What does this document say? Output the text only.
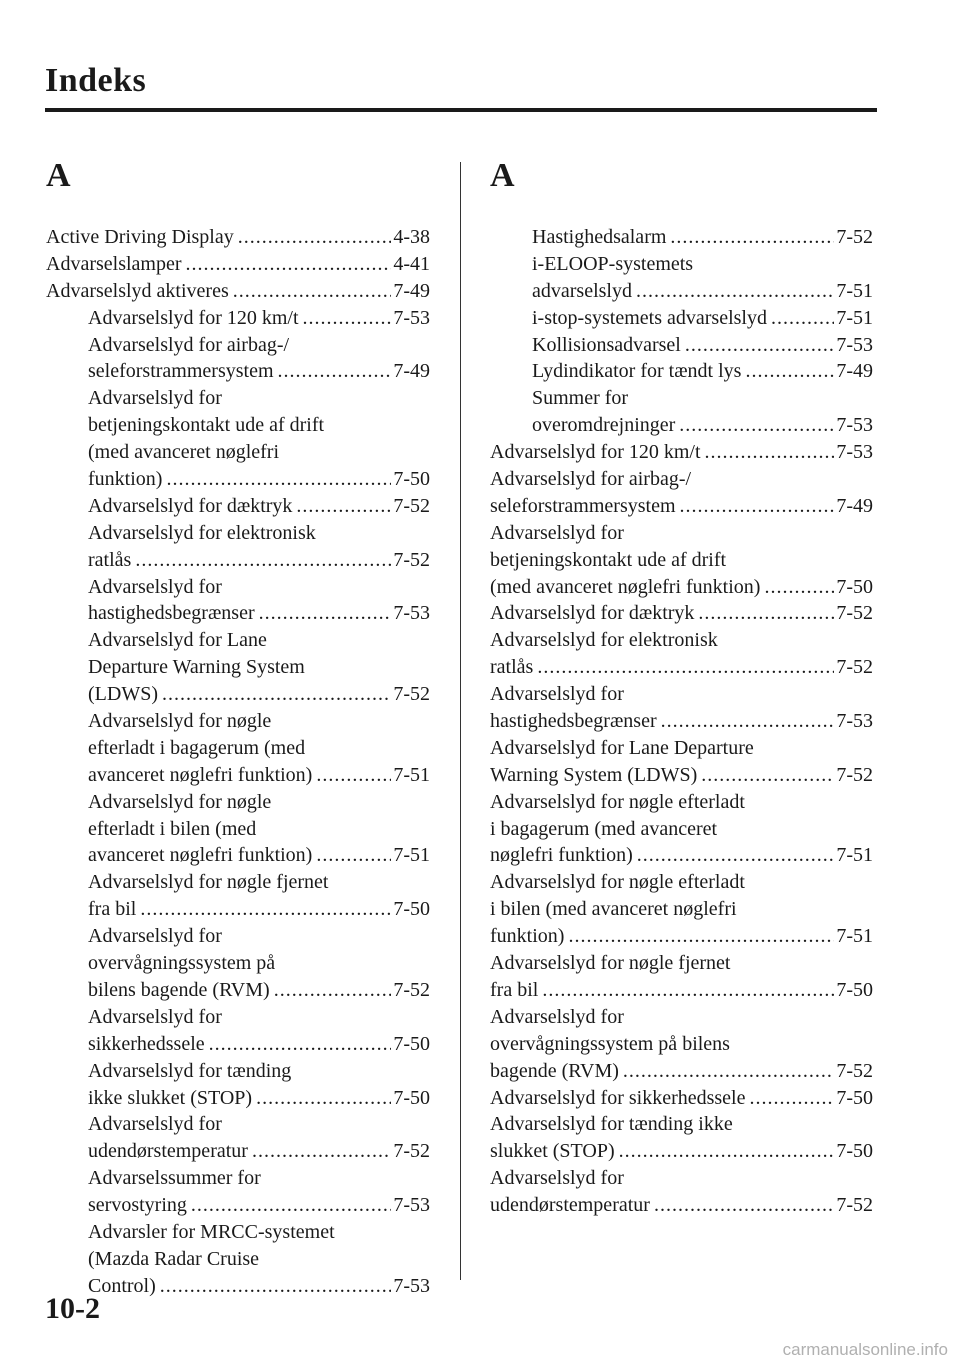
Indeks
A
Active Driving Display .....	4-38
Advarselslamper .....	4-41
Advarselslyd aktiveres .....	7-49
Advarselslyd for 120 km/t .....	7-53
Advarselslyd for airbag-/
seleforstrammersystem .....	7-49
Advarselslyd for
betjeningskontakt ude af drift
(med avanceret nøglefri
funktion) .....	7-50
Advarselslyd for dæktryk .....	7-52
Advarselslyd for elektronisk
ratlås .....	7-52
Advarselslyd for
hastighedsbegrænser .....	7-53
Advarselslyd for Lane
Departure Warning System
(LDWS) .....	7-52
Advarselslyd for nøgle
efterladt i bagagerum (med
avanceret nøglefri funktion) .....	7-51
Advarselslyd for nøgle
efterladt i bilen (med
avanceret nøglefri funktion) .....	7-51
Advarselslyd for nøgle fjernet
fra bil .....	7-50
Advarselslyd for
overvågningssystem på
bilens bagende (RVM) .....	7-52
Advarselslyd for
sikkerhedssele .....	7-50
Advarselslyd for tænding
ikke slukket (STOP) .....	7-50
Advarselslyd for
udendørstemperatur .....	7-52
Advarselssummer for
servostyring .....	7-53
Advarsler for MRCC-systemet
(Mazda Radar Cruise
Control) .....	7-53
A
Hastighedsalarm .....	7-52
i-ELOOP-systemets
advarselslyd .....	7-51
i-stop-systemets advarselslyd .....	7-51
Kollisionsadvarsel .....	7-53
Lydindikator for tændt lys .....	7-49
Summer for
overomdrejninger .....	7-53
Advarselslyd for 120 km/t .....	7-53
Advarselslyd for airbag-/
seleforstrammersystem .....	7-49
Advarselslyd for
betjeningskontakt ude af drift
(med avanceret nøglefri funktion) .....	7-50
Advarselslyd for dæktryk .....	7-52
Advarselslyd for elektronisk
ratlås .....	7-52
Advarselslyd for
hastighedsbegrænser .....	7-53
Advarselslyd for Lane Departure
Warning System (LDWS) .....	7-52
Advarselslyd for nøgle efterladt
i bagagerum (med avanceret
nøglefri funktion) .....	7-51
Advarselslyd for nøgle efterladt
i bilen (med avanceret nøglefri
funktion) .....	7-51
Advarselslyd for nøgle fjernet
fra bil .....	7-50
Advarselslyd for
overvågningssystem på bilens
bagende (RVM) .....	7-52
Advarselslyd for sikkerhedssele .....	7-50
Advarselslyd for tænding ikke
slukket (STOP) .....	7-50
Advarselslyd for
udendørstemperatur .....	7-52
10-2
carmanualsonline.info
